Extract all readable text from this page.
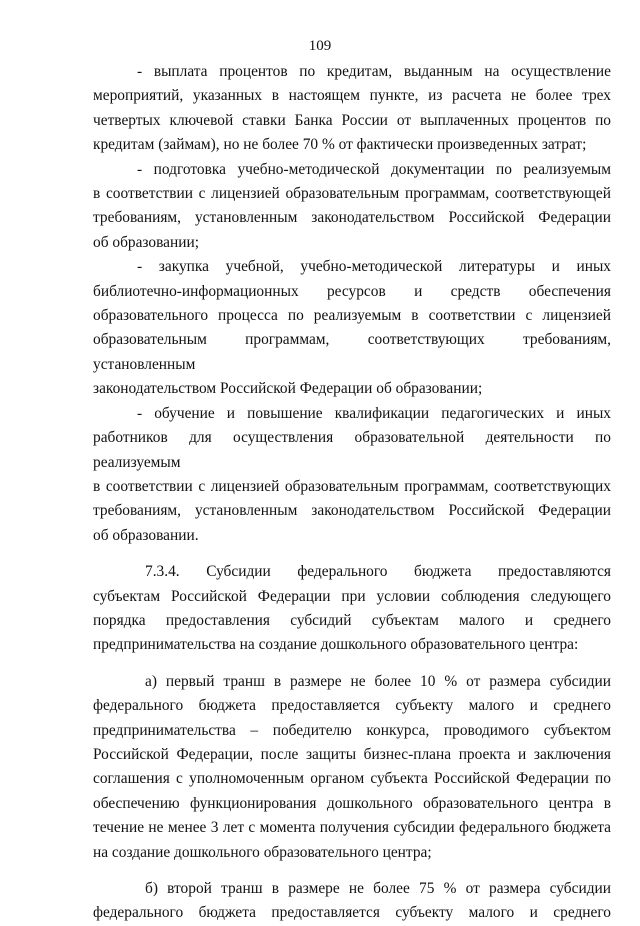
109

- выплата процентов по кредитам, выданным на осуществление
мероприятий, указанных в настоящем пункте, из расчета не более трех
четвертых ключевой ставки Банка России от выплаченных процентов по
кредитам (займам), но не более 70 % от фактически произведенных затрат;

- подготовка учебно-методической документации по реализуемым
в соответствии с лицензией образовательным программам, соответствующей
требованиям, установленным законодательством Российской Федерации
об образовании;

- закупка учебной, учебно-методической литературы и иных
библиотечно-информационных ресурсов и средств обеспечения
образовательного процесса по реализуемым в соответствии с лицензией
образовательным программам, соответствующих требованиям, установленным
законодательством Российской Федерации об образовании;

- обучение и повышение квалификации педагогических и иных
работников для осуществления образовательной деятельности по реализуемым
в соответствии с лицензией образовательным программам, соответствующих
требованиям, установленным законодательством Российской Федерации
об образовании.

7.3.4. Субсидии федерального бюджета предоставляются
субъектам Российской Федерации при условии соблюдения следующего
порядка предоставления субсидий субъектам малого и среднего
предпринимательства на создание дошкольного образовательного центра:

а) первый транш в размере не более 10 % от размера субсидии
федерального бюджета предоставляется субъекту малого и среднего
предпринимательства – победителю конкурса, проводимого субъектом
Российской Федерации, после защиты бизнес-плана проекта и заключения
соглашения с уполномоченным органом субъекта Российской Федерации по
обеспечению функционирования дошкольного образовательного центра в
течение не менее 3 лет с момента получения субсидии федерального бюджета
на создание дошкольного образовательного центра;

б) второй транш в размере не более 75 % от размера субсидии
федерального бюджета предоставляется субъекту малого и среднего
